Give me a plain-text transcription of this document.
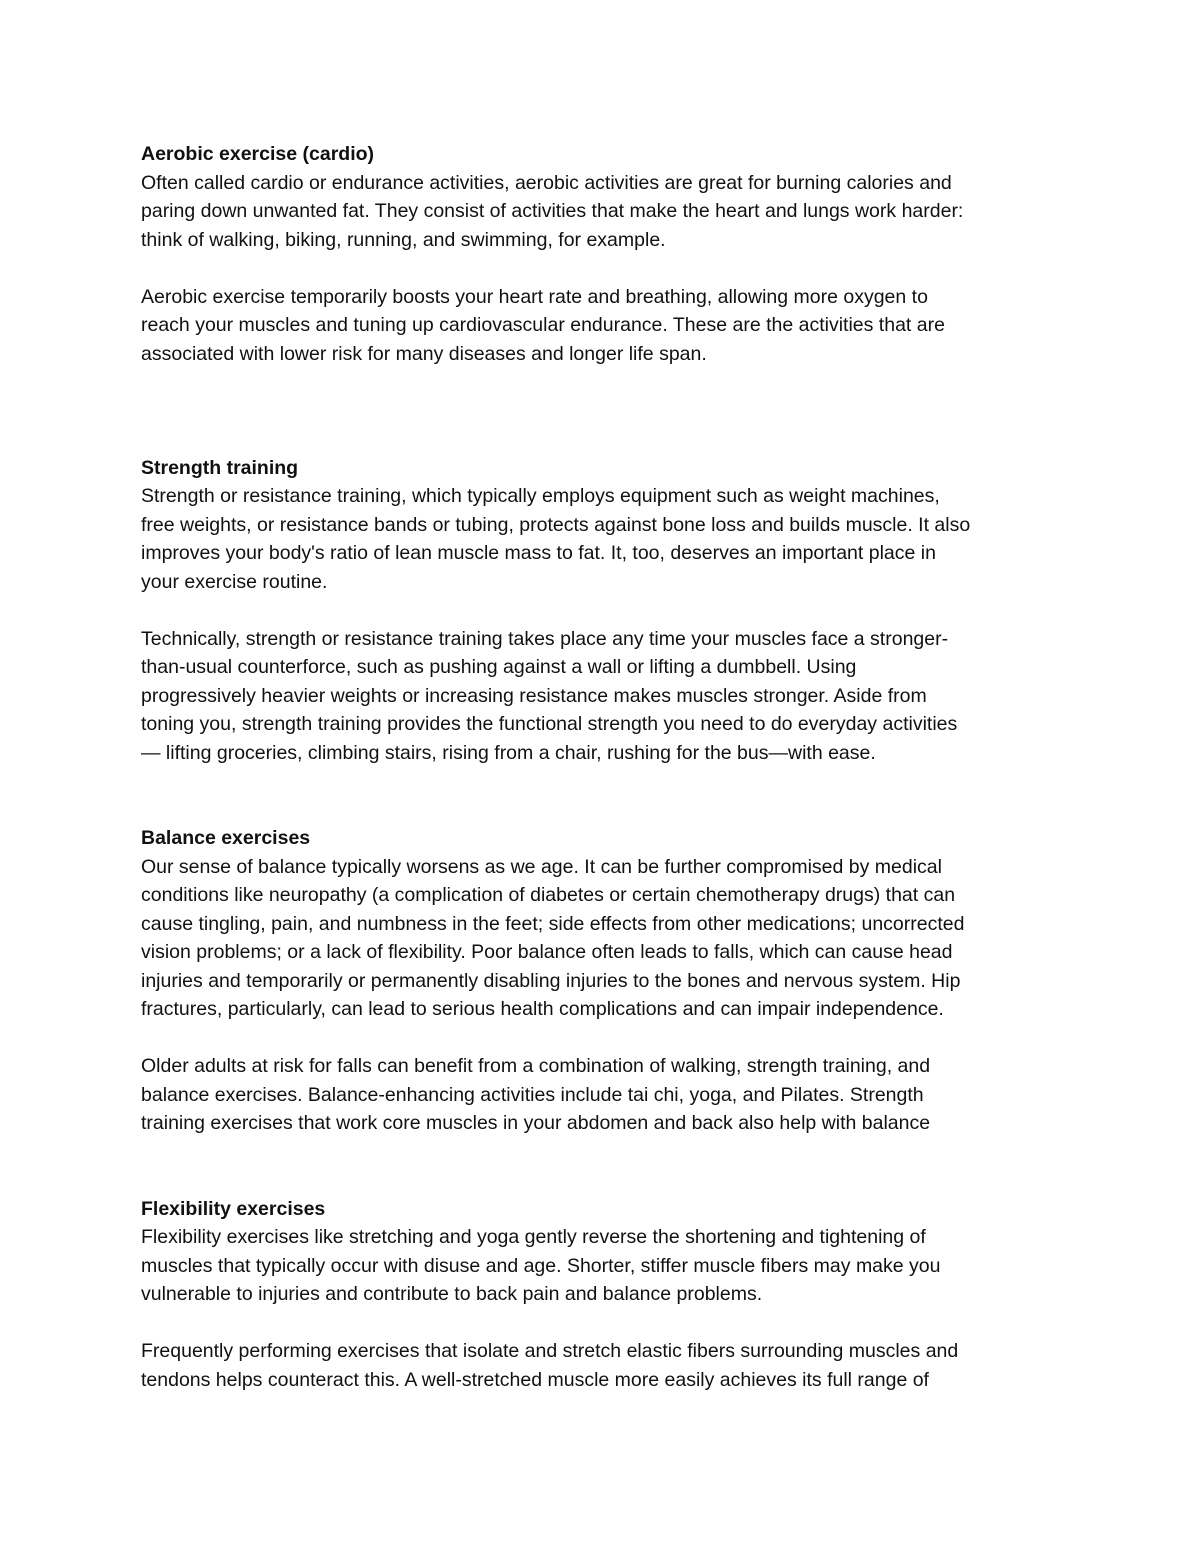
Aerobic exercise (cardio)

Often called cardio or endurance activities, aerobic activities are great for burning calories and
paring down unwanted fat. They consist of activities that make the heart and lungs work harder:
think of walking, biking, running, and swimming, for example.

Aerobic exercise temporarily boosts your heart rate and breathing, allowing more oxygen to
reach your muscles and tuning up cardiovascular endurance. These are the activities that are
associated with lower risk for many diseases and longer life span.

Strength training

Strength or resistance training, which typically employs equipment such as weight machines,
free weights, or resistance bands or tubing, protects against bone loss and builds muscle. It also
improves your body's ratio of lean muscle mass to fat. It, too, deserves an important place in
your exercise routine.

Technically, strength or resistance training takes place any time your muscles face a stronger-
than-usual counterforce, such as pushing against a wall or lifting a dumbbell. Using
progressively heavier weights or increasing resistance makes muscles stronger. Aside from
toning you, strength training provides the functional strength you need to do everyday activities
— lifting groceries, climbing stairs, rising from a chair, rushing for the bus—with ease.

Balance exercises

Our sense of balance typically worsens as we age. It can be further compromised by medical
conditions like neuropathy (a complication of diabetes or certain chemotherapy drugs) that can
cause tingling, pain, and numbness in the feet; side effects from other medications; uncorrected
vision problems; or a lack of flexibility. Poor balance often leads to falls, which can cause head
injuries and temporarily or permanently disabling injuries to the bones and nervous system. Hip
fractures, particularly, can lead to serious health complications and can impair independence.

Older adults at risk for falls can benefit from a combination of walking, strength training, and
balance exercises. Balance-enhancing activities include tai chi, yoga, and Pilates. Strength
training exercises that work core muscles in your abdomen and back also help with balance

Flexibility exercises

Flexibility exercises like stretching and yoga gently reverse the shortening and tightening of
muscles that typically occur with disuse and age. Shorter, stiffer muscle fibers may make you
vulnerable to injuries and contribute to back pain and balance problems.

Frequently performing exercises that isolate and stretch elastic fibers surrounding muscles and
tendons helps counteract this. A well-stretched muscle more easily achieves its full range of
